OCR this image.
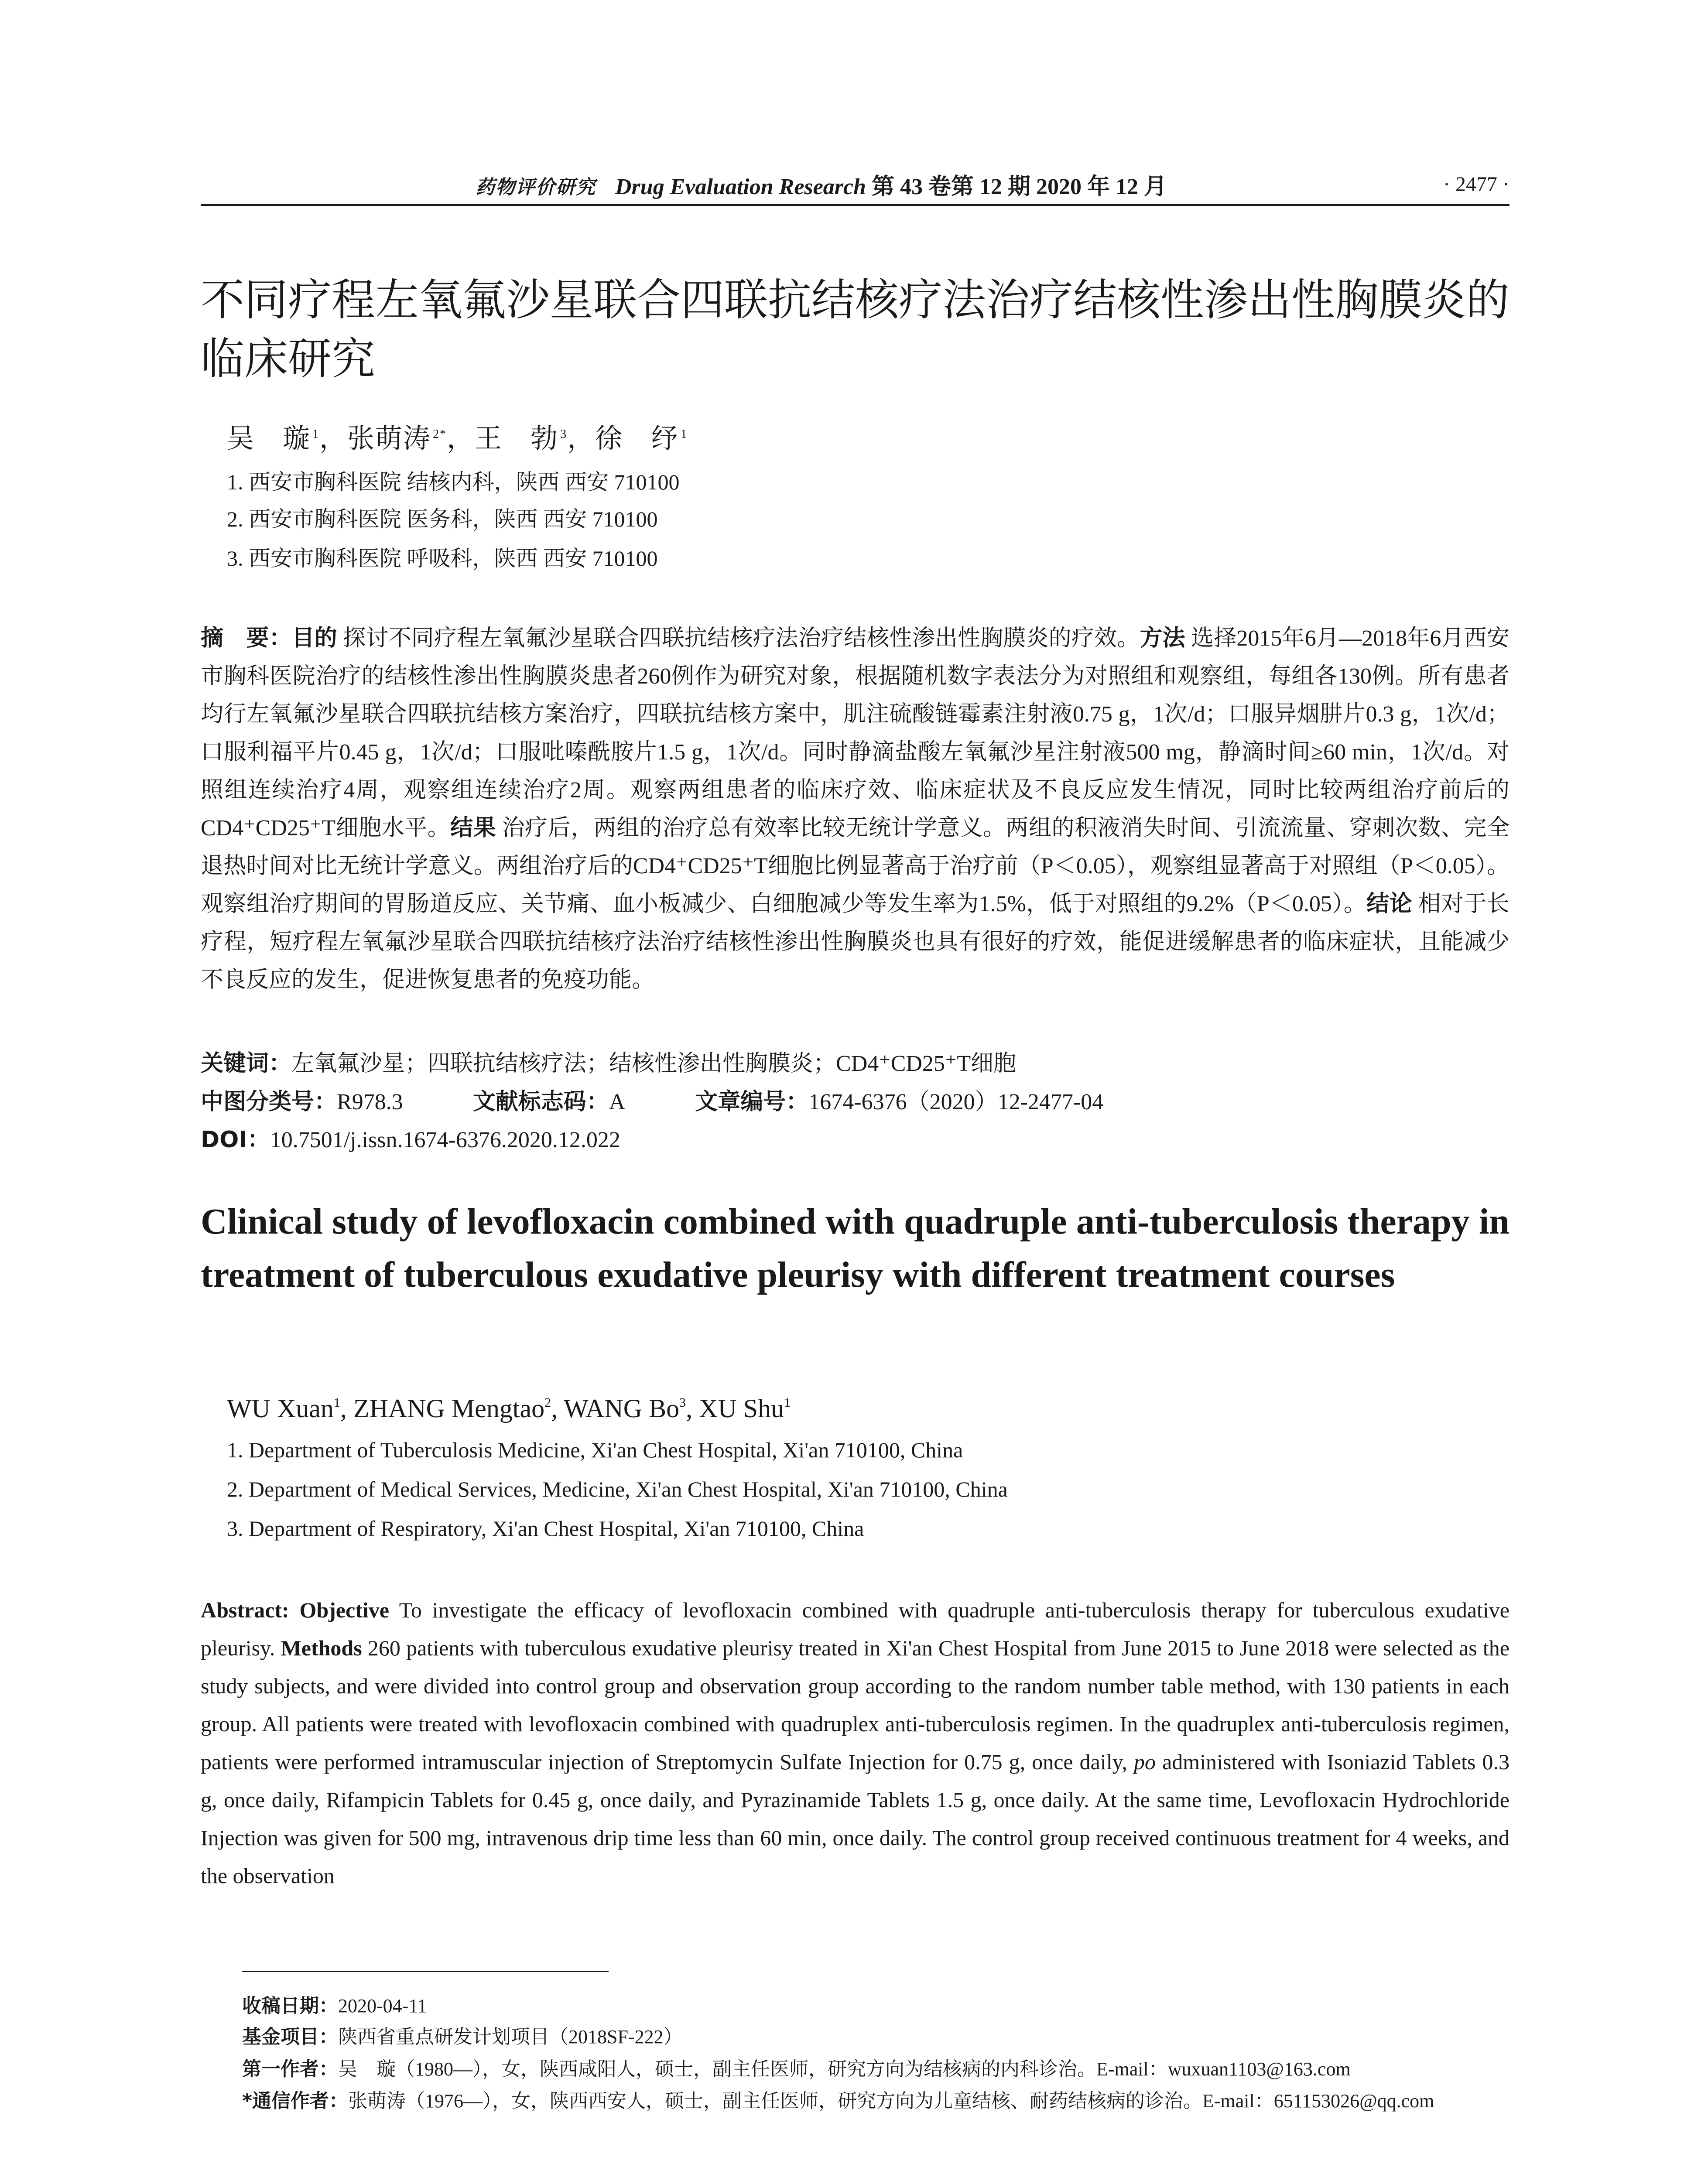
药物评价研究 Drug Evaluation Research 第 43 卷第 12 期 2020 年 12 月	· 2477 ·
不同疗程左氧氟沙星联合四联抗结核疗法治疗结核性渗出性胸膜炎的临床研究
吴　璇 $^1$，张萌涛 $^{2*}$，王　勃 $^3$，徐　纾 $^1$
1. 西安市胸科医院 结核内科，陕西 西安 710100
2. 西安市胸科医院 医务科，陕西 西安 710100
3. 西安市胸科医院 呼吸科，陕西 西安 710100
摘　要：目的 探讨不同疗程左氧氟沙星联合四联抗结核疗法治疗结核性渗出性胸膜炎的疗效。方法 选择2015年6月—2018年6月西安市胸科医院治疗的结核性渗出性胸膜炎患者260例作为研究对象，根据随机数字表法分为对照组和观察组，每组各130例。所有患者均行左氧氟沙星联合四联抗结核方案治疗，四联抗结核方案中，肌注硫酸链霉素注射液0.75 g，1次/d；口服异烟肼片0.3 g，1次/d；口服利福平片0.45 g，1次/d；口服吡嗪酰胺片1.5 g，1次/d。同时静滴盐酸左氧氟沙星注射液500 mg，静滴时间≥60 min，1次/d。对照组连续治疗4周，观察组连续治疗2周。观察两组患者的临床疗效、临床症状及不良反应发生情况，同时比较两组治疗前后的CD4⁺CD25⁺T细胞水平。结果 治疗后，两组的治疗总有效率比较无统计学意义。两组的积液消失时间、引流流量、穿刺次数、完全退热时间对比无统计学意义。两组治疗后的CD4⁺CD25⁺T细胞比例显著高于治疗前（P＜0.05），观察组显著高于对照组（P＜0.05）。观察组治疗期间的胃肠道反应、关节痛、血小板减少、白细胞减少等发生率为1.5%，低于对照组的9.2%（P＜0.05）。结论 相对于长疗程，短疗程左氧氟沙星联合四联抗结核疗法治疗结核性渗出性胸膜炎也具有很好的疗效，能促进缓解患者的临床症状，且能减少不良反应的发生，促进恢复患者的免疫功能。
关键词：左氧氟沙星；四联抗结核疗法；结核性渗出性胸膜炎；CD4⁺CD25⁺T细胞
中图分类号：R978.3	文献标志码：A	文章编号：1674-6376（2020）12-2477-04
DOI：10.7501/j.issn.1674-6376.2020.12.022
Clinical study of levofloxacin combined with quadruple anti-tuberculosis therapy in treatment of tuberculous exudative pleurisy with different treatment courses
WU Xuan$^1$, ZHANG Mengtao$^2$, WANG Bo$^3$, XU Shu$^1$
1. Department of Tuberculosis Medicine, Xi'an Chest Hospital, Xi'an 710100, China
2. Department of Medical Services, Medicine, Xi'an Chest Hospital, Xi'an 710100, China
3. Department of Respiratory, Xi'an Chest Hospital, Xi'an 710100, China
Abstract: Objective To investigate the efficacy of levofloxacin combined with quadruple anti-tuberculosis therapy for tuberculous exudative pleurisy. Methods 260 patients with tuberculous exudative pleurisy treated in Xi'an Chest Hospital from June 2015 to June 2018 were selected as the study subjects, and were divided into control group and observation group according to the random number table method, with 130 patients in each group. All patients were treated with levofloxacin combined with quadruplex anti-tuberculosis regimen. In the quadruplex anti-tuberculosis regimen, patients were performed intramuscular injection of Streptomycin Sulfate Injection for 0.75 g, once daily, po administered with Isoniazid Tablets 0.3 g, once daily, Rifampicin Tablets for 0.45 g, once daily, and Pyrazinamide Tablets 1.5 g, once daily. At the same time, Levofloxacin Hydrochloride Injection was given for 500 mg, intravenous drip time less than 60 min, once daily. The control group received continuous treatment for 4 weeks, and the observation
收稿日期：2020-04-11
基金项目：陕西省重点研发计划项目（2018SF-222）
第一作者：吴　璇（1980—），女，陕西咸阳人，硕士，副主任医师，研究方向为结核病的内科诊治。E-mail：wuxuan1103@163.com
*通信作者：张萌涛（1976—），女，陕西西安人，硕士，副主任医师，研究方向为儿童结核、耐药结核病的诊治。E-mail：651153026@qq.com
